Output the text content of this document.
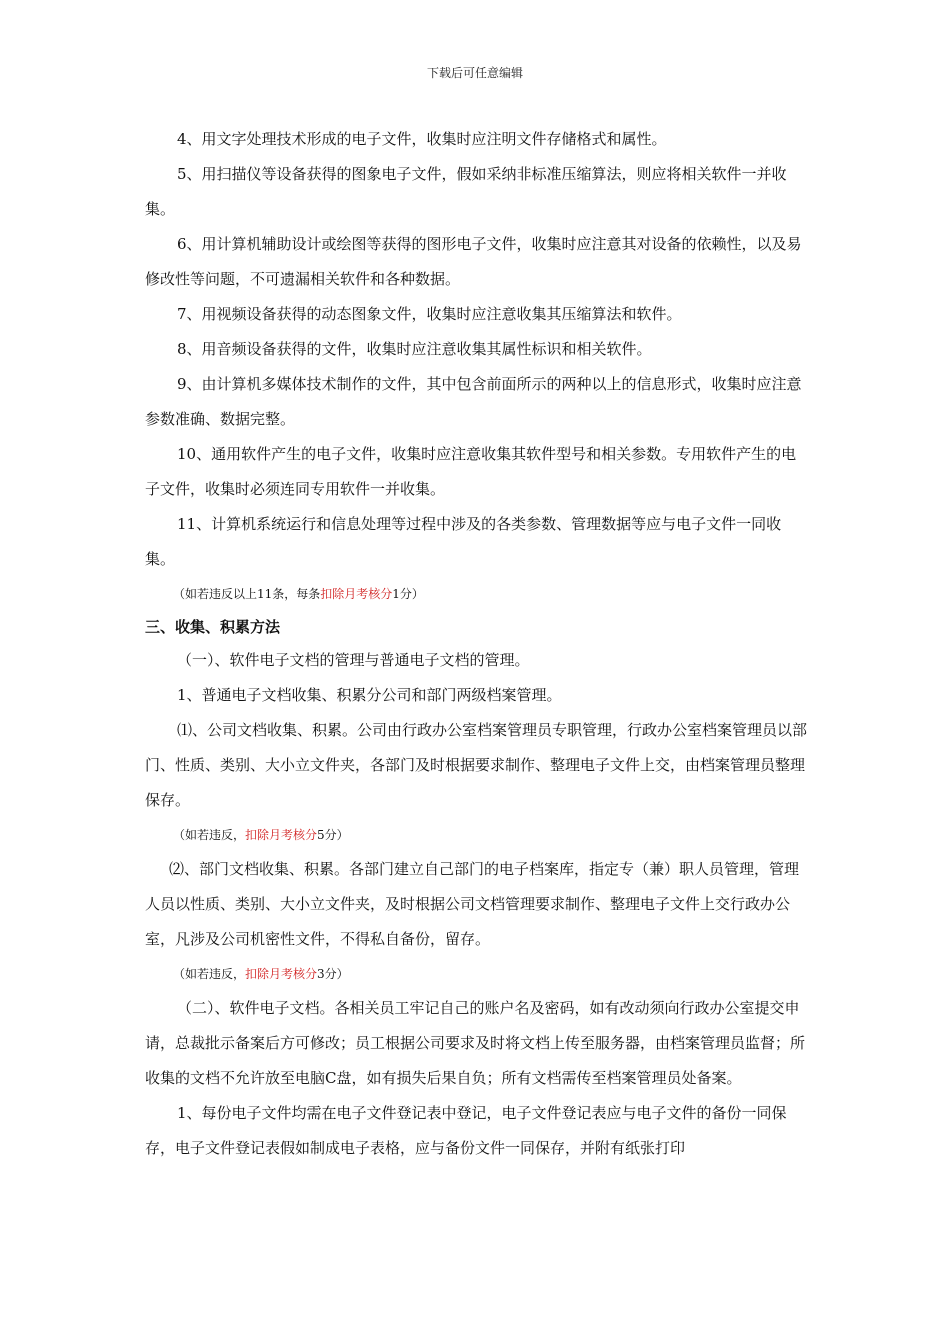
下载后可任意编辑

4、用文字处理技术形成的电子文件，收集时应注明文件存储格式和属性。

5、用扫描仪等设备获得的图象电子文件，假如采纳非标准压缩算法，则应将相关软件一并收集。

6、用计算机辅助设计或绘图等获得的图形电子文件，收集时应注意其对设备的依赖性，以及易修改性等问题，不可遗漏相关软件和各种数据。

7、用视频设备获得的动态图象文件，收集时应注意收集其压缩算法和软件。

8、用音频设备获得的文件，收集时应注意收集其属性标识和相关软件。

9、由计算机多媒体技术制作的文件，其中包含前面所示的两种以上的信息形式，收集时应注意参数准确、数据完整。

10、通用软件产生的电子文件，收集时应注意收集其软件型号和相关参数。专用软件产生的电子文件，收集时必须连同专用软件一并收集。

11、计算机系统运行和信息处理等过程中涉及的各类参数、管理数据等应与电子文件一同收集。

（如若违反以上11条，每条扣除月考核分1分）

三、收集、积累方法

（一）、软件电子文档的管理与普通电子文档的管理。

1、普通电子文档收集、积累分公司和部门两级档案管理。

⑴、公司文档收集、积累。公司由行政办公室档案管理员专职管理，行政办公室档案管理员以部门、性质、类别、大小立文件夹，各部门及时根据要求制作、整理电子文件上交，由档案管理员整理保存。

（如若违反，扣除月考核分5分）

⑵、部门文档收集、积累。各部门建立自己部门的电子档案库，指定专（兼）职人员管理，管理人员以性质、类别、大小立文件夹，及时根据公司文档管理要求制作、整理电子文件上交行政办公室，凡涉及公司机密性文件，不得私自备份，留存。

（如若违反，扣除月考核分3分）

（二）、软件电子文档。各相关员工牢记自己的账户名及密码，如有改动须向行政办公室提交申请，总裁批示备案后方可修改；员工根据公司要求及时将文档上传至服务器，由档案管理员监督；所收集的文档不允许放至电脑C盘，如有损失后果自负；所有文档需传至档案管理员处备案。

1、每份电子文件均需在电子文件登记表中登记，电子文件登记表应与电子文件的备份一同保存，电子文件登记表假如制成电子表格，应与备份文件一同保存，并附有纸张打印
